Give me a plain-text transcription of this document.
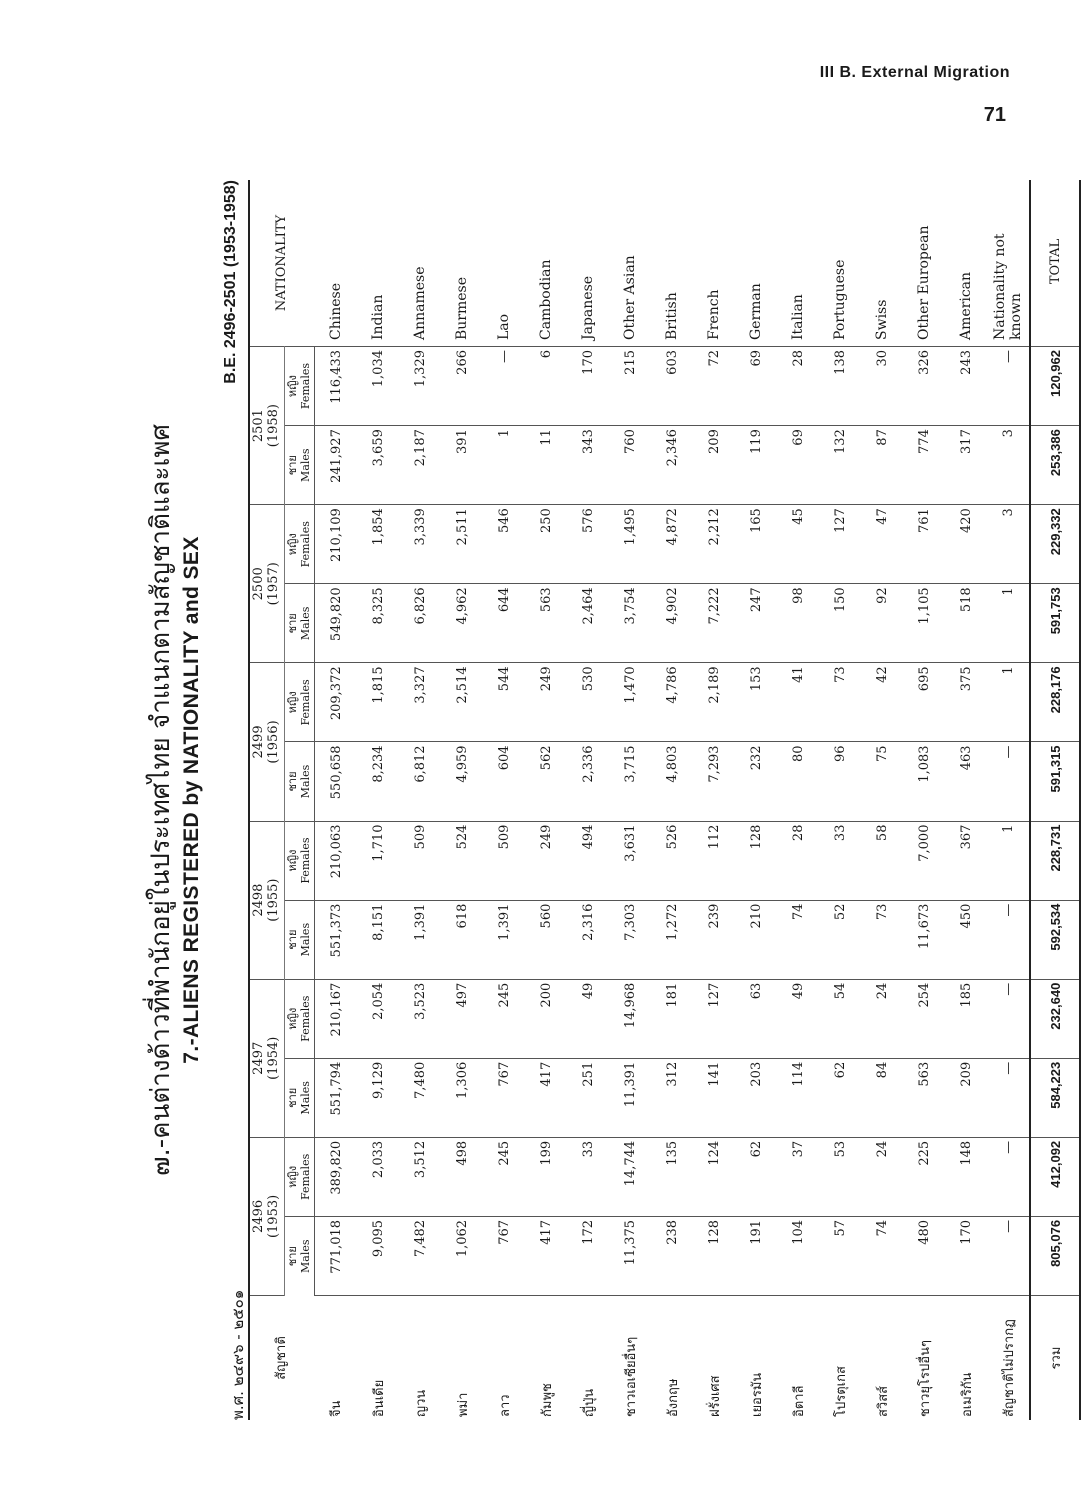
III B. External Migration
71
๗.-คนต่างด้าวที่พำนักอยู่ในประเทศไทย จำแนกตามสัญชาติและเพศ 7.-ALIENS REGISTERED by NATIONALITY and SEX
พ.ศ. ๒๔๙๖ - ๒๕๐๑
B.E. 2496-2501 (1953-1958)
สัญชาติ	2496
(1953)		2497
(1954)		2498
(1955)		2499
(1956)		2500
(1957)		2501
(1958)		NATIONALITY
	ชาย
Males	หญิง
Females	ชาย
Males	หญิง
Females	ชาย
Males	หญิง
Females	ชาย
Males	หญิง
Females	ชาย
Males	หญิง
Females	ชาย
Males	หญิง
Females	
จีน	771,018	389,820	551,794	210,167	551,373	210,063	550,658	209,372	549,820	210,109	241,927	116,433	Chinese
อินเดีย	9,095	2,033	9,129	2,054	8,151	1,710	8,234	1,815	8,325	1,854	3,659	1,034	Indian
ญวน	7,482	3,512	7,480	3,523	1,391	509	6,812	3,327	6,826	3,339	2,187	1,329	Annamese
พม่า	1,062	498	1,306	497	618	524	4,959	2,514	4,962	2,511	391	266	Burmese
ลาว	767	245	767	245	1,391	509	604	544	644	546	1	—	Lao
กัมพูช	417	199	417	200	560	249	562	249	563	250	11	6	Cambodian
ญี่ปุ่น	172	33	251	49	2,316	494	2,336	530	2,464	576	343	170	Japanese
ชาวเอเซียอื่นๆ	11,375	14,744	11,391	14,968	7,303	3,631	3,715	1,470	3,754	1,495	760	215	Other Asian
อังกฤษ	238	135	312	181	1,272	526	4,803	4,786	4,902	4,872	2,346	603	British
ฝรั่งเศส	128	124	141	127	239	112	7,293	2,189	7,222	2,212	209	72	French
เยอรมัน	191	62	203	63	210	128	232	153	247	165	119	69	German
อิตาลี	104	37	114	49	74	28	80	41	98	45	69	28	Italian
โปรตุเกส	57	53	62	54	52	33	96	73	150	127	132	138	Portuguese
สวิสส์	74	24	84	24	73	58	75	42	92	47	87	30	Swiss
ชาวยุโรปอื่นๆ	480	225	563	254	11,673	7,000	1,083	695	1,105	761	774	326	Other European
อเมริกัน	170	148	209	185	450	367	463	375	518	420	317	243	American
สัญชาติไม่ปรากฏ	—	—	—	—	—	1	—	1	1	3	3	—	Nationality not known
รวม	805,076	412,092	584,223	232,640	592,534	228,731	591,315	228,176	591,753	229,332	253,386	120,962	TOTAL
